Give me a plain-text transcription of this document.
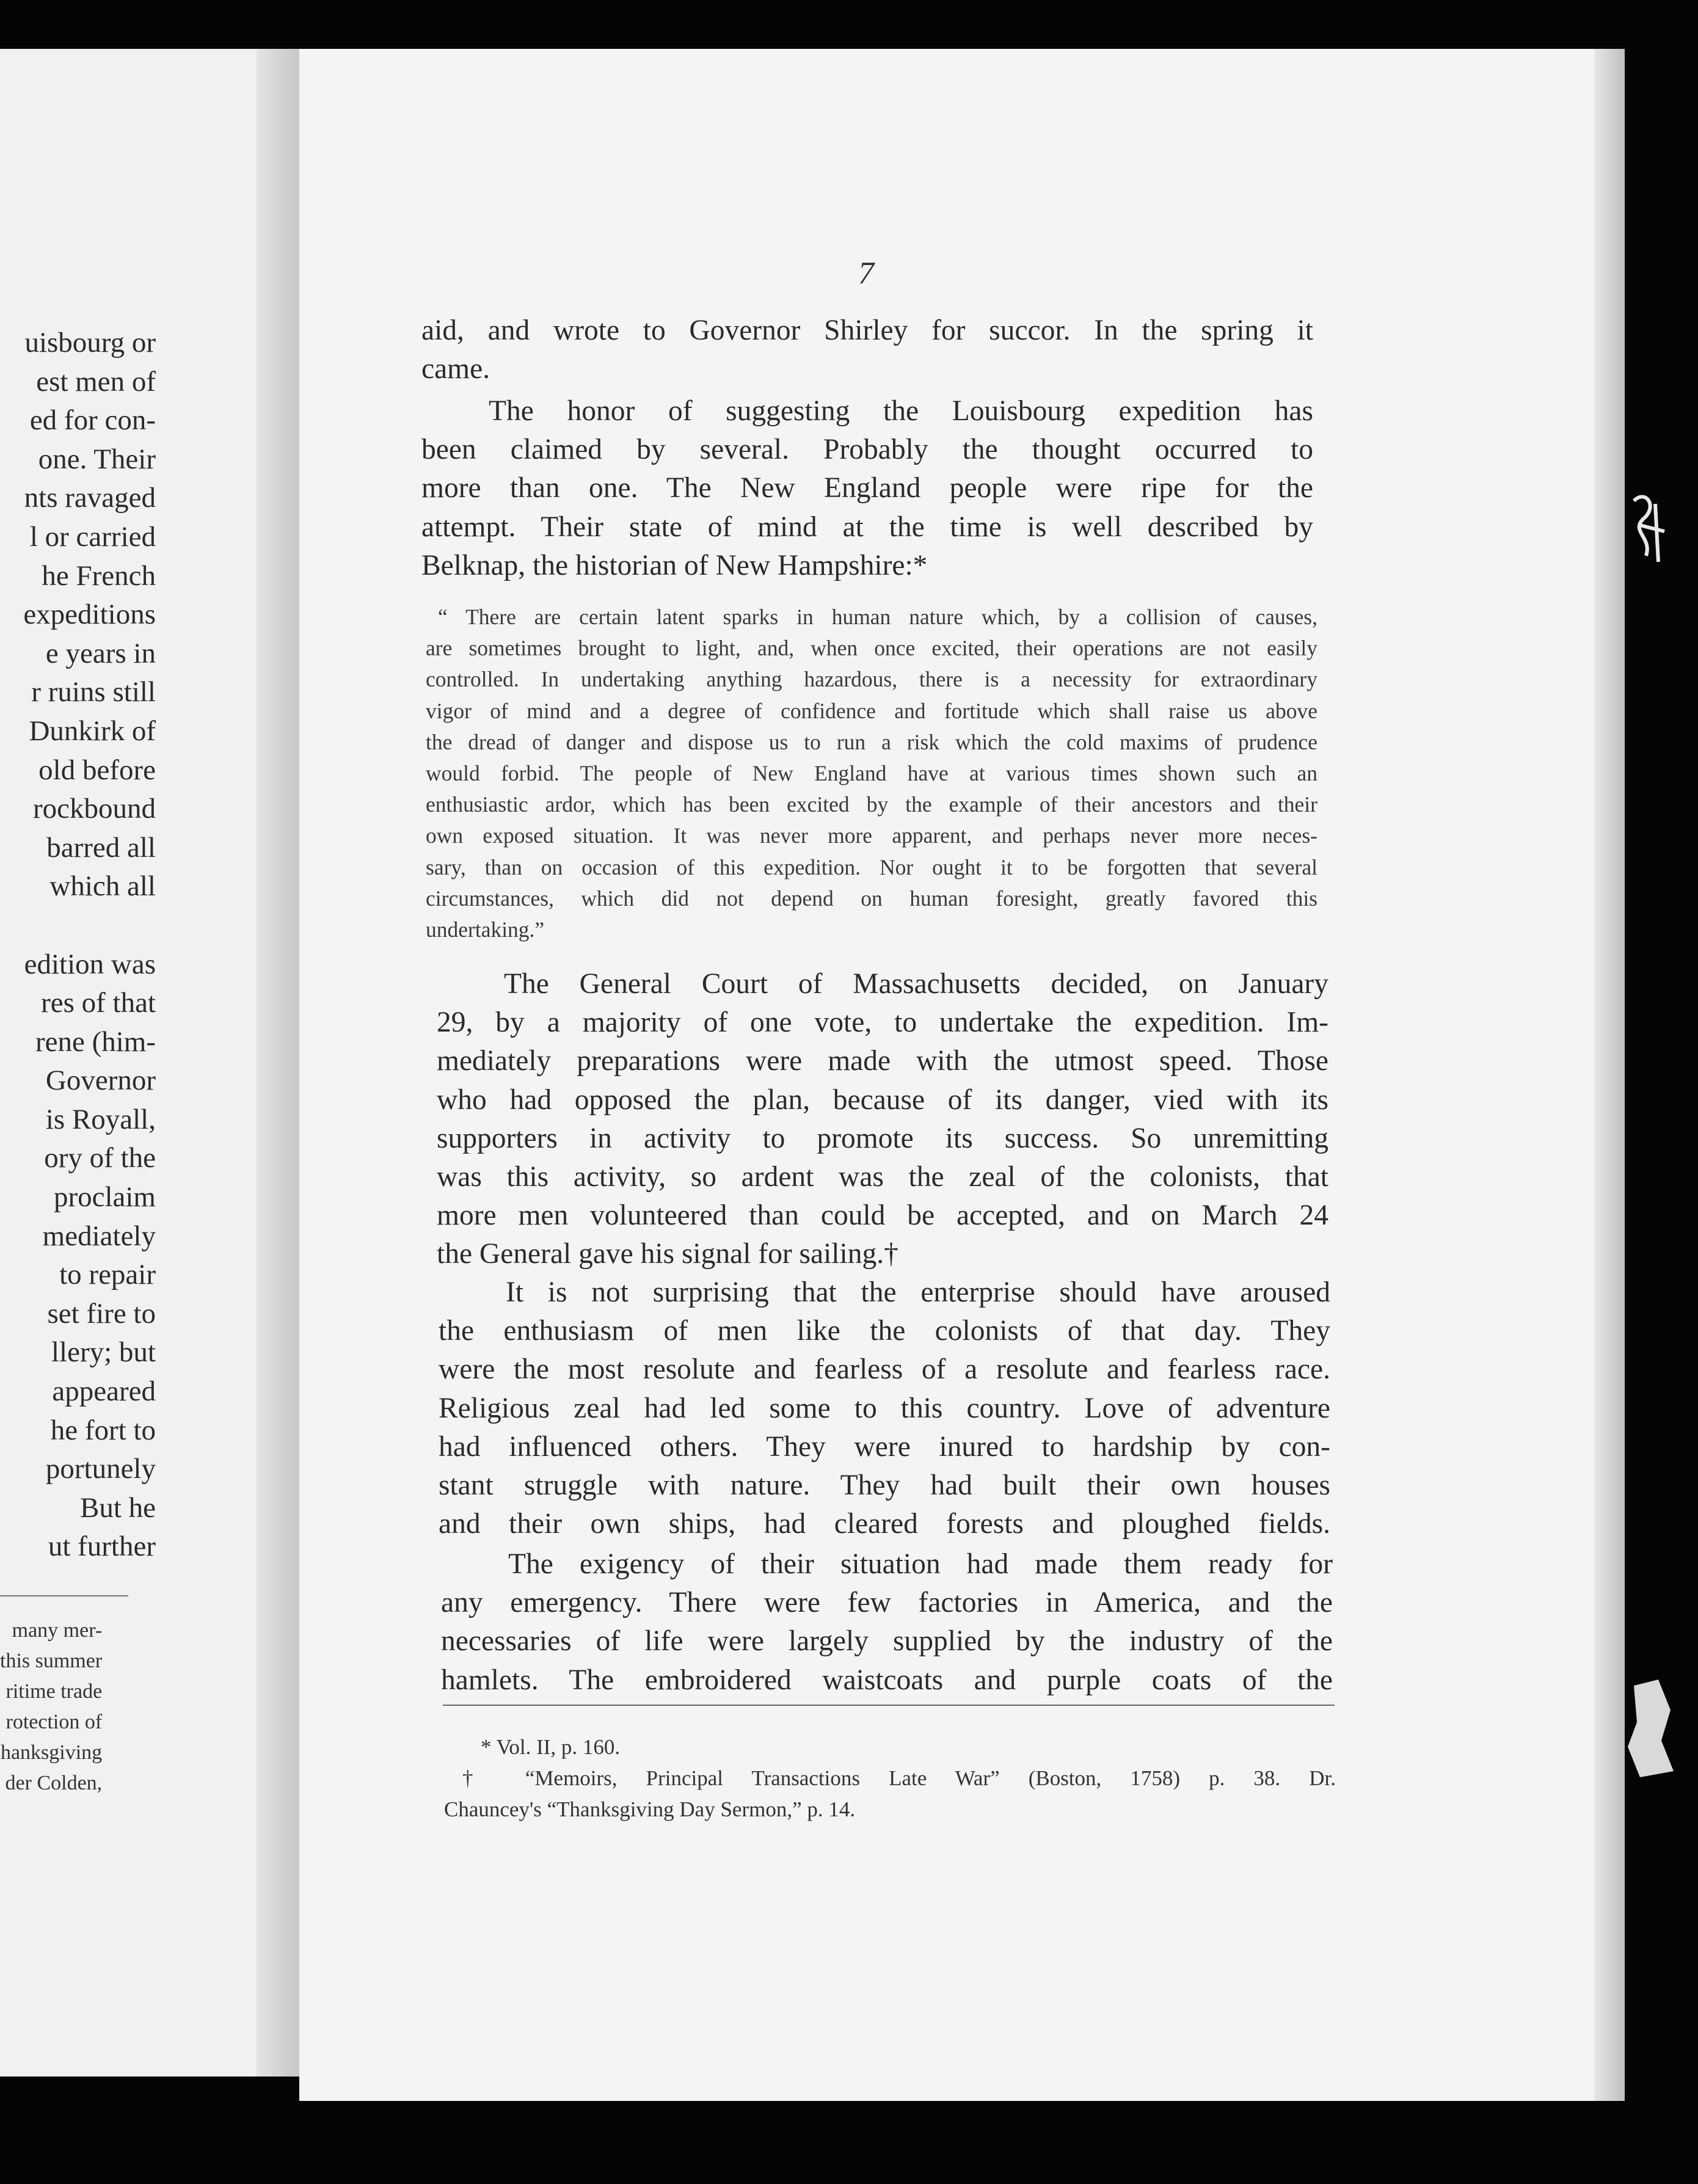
uisbourg or
est men of
ed for con-
one. Their
nts ravaged
l or carried
he French
expeditions
e years in
r ruins still
Dunkirk of
old before
rockbound
barred all
which all

edition was
res of that
rene (him-
Governor
is Royall,
ory of the
proclaim
mediately
to repair
set fire to
llery; but
appeared
he fort to
portunely
But he
ut further
many mer-
this summer
ritime trade
rotection of
hanksgiving
der Colden,
7

aid, and wrote to Governor Shirley for succor. In the spring it
came.

The honor of suggesting the Louisbourg expedition has
been claimed by several. Probably the thought occurred to
more than one. The New England people were ripe for the
attempt. Their state of mind at the time is well described by
Belknap, the historian of New Hampshire:*

“ There are certain latent sparks in human nature which, by a collision of causes,
are sometimes brought to light, and, when once excited, their operations are not easily
controlled. In undertaking anything hazardous, there is a necessity for extraordinary
vigor of mind and a degree of confidence and fortitude which shall raise us above
the dread of danger and dispose us to run a risk which the cold maxims of prudence
would forbid. The people of New England have at various times shown such an
enthusiastic ardor, which has been excited by the example of their ancestors and their
own exposed situation. It was never more apparent, and perhaps never more neces-
sary, than on occasion of this expedition. Nor ought it to be forgotten that several
circumstances, which did not depend on human foresight, greatly favored this
undertaking.”

The General Court of Massachusetts decided, on January
29, by a majority of one vote, to undertake the expedition. Im-
mediately preparations were made with the utmost speed. Those
who had opposed the plan, because of its danger, vied with its
supporters in activity to promote its success. So unremitting
was this activity, so ardent was the zeal of the colonists, that
more men volunteered than could be accepted, and on March 24
the General gave his signal for sailing.†

It is not surprising that the enterprise should have aroused
the enthusiasm of men like the colonists of that day. They
were the most resolute and fearless of a resolute and fearless race.
Religious zeal had led some to this country. Love of adventure
had influenced others. They were inured to hardship by con-
stant struggle with nature. They had built their own houses
and their own ships, had cleared forests and ploughed fields.

The exigency of their situation had made them ready for
any emergency. There were few factories in America, and the
necessaries of life were largely supplied by the industry of the
hamlets. The embroidered waistcoats and purple coats of the

* Vol. II, p. 160.
† “Memoirs, Principal Transactions Late War” (Boston, 1758) p. 38. Dr.
Chauncey's “Thanksgiving Day Sermon,” p. 14.
